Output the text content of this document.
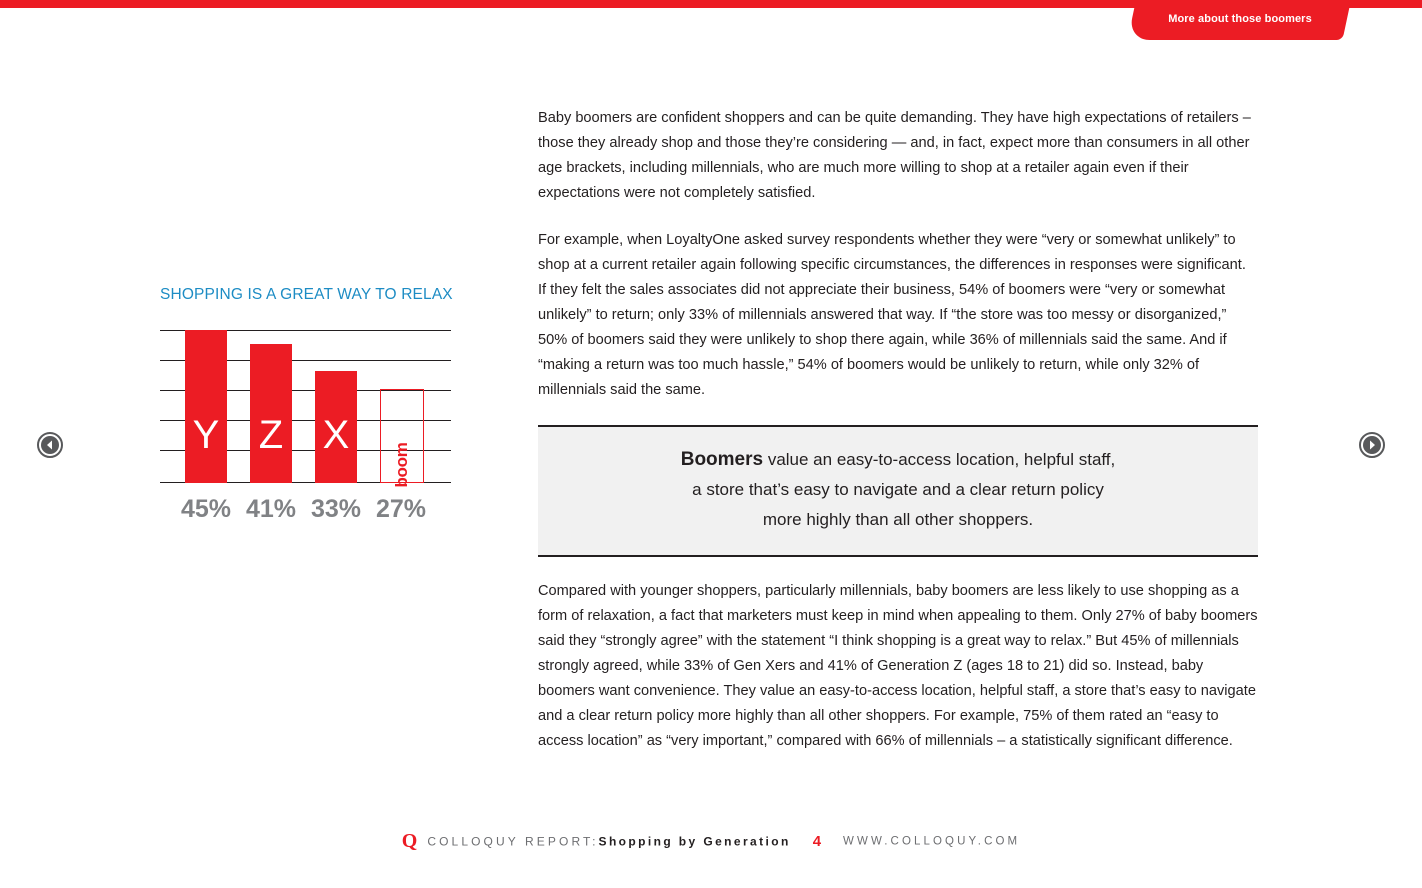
More about those boomers
SHOPPING IS A GREAT WAY TO RELAX
Y Z X
boom
45% 41% 33% 27%

Baby boomers are confident shoppers and can be quite demanding. They have high expectations of retailers – those they already shop and those they’re considering — and, in fact, expect more than consumers in all other age brackets, including millennials, who are much more willing to shop at a retailer again even if their expectations were not completely satisfied.

For example, when LoyaltyOne asked survey respondents whether they were “very or somewhat unlikely” to shop at a current retailer again following specific circumstances, the differences in responses were significant. If they felt the sales associates did not appreciate their business, 54% of boomers were “very or somewhat unlikely” to return; only 33% of millennials answered that way. If “the store was too messy or disorganized,” 50% of boomers said they were unlikely to shop there again, while 36% of millennials said the same. And if “making a return was too much hassle,” 54% of boomers would be unlikely to return, while only 32% of millennials said the same.

Boomers value an easy-to-access location, helpful staff,
a store that’s easy to navigate and a clear return policy
more highly than all other shoppers.

Compared with younger shoppers, particularly millennials, baby boomers are less likely to use shopping as a form of relaxation, a fact that marketers must keep in mind when appealing to them. Only 27% of baby boomers said they “strongly agree” with the statement “I think shopping is a great way to relax.” But 45% of millennials strongly agreed, while 33% of Gen Xers and 41% of Generation Z (ages 18 to 21) did so. Instead, baby boomers want convenience. They value an easy-to-access location, helpful staff, a store that’s easy to navigate and a clear return policy more highly than all other shoppers. For example, 75% of them rated an “easy to access location” as “very important,” compared with 66% of millennials – a statistically significant difference.

QCOLLOQUY REPORT:Shopping by Generation 4 WWW.COLLOQUY.COM
